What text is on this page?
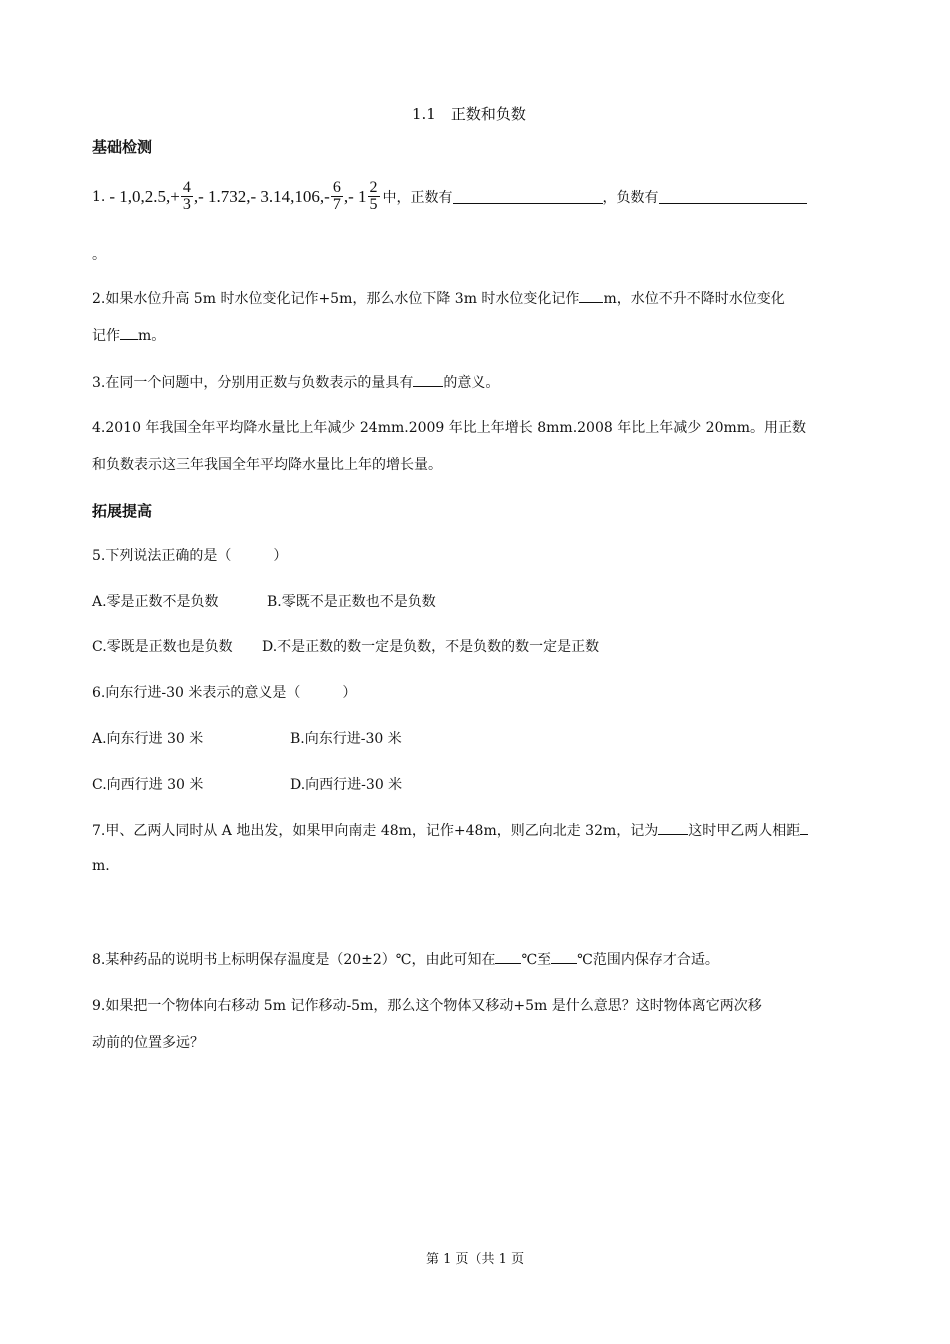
1.1　正数和负数
基础检测
1. - $1,0,2.5,+ \frac{4}{3}$ ,- 1.732,- $3.14,106,- \frac{6}{7}$ ,- $1 \frac{2}{5}$ 中，正数有	，负数有
。
2.如果水位升高 5m 时水位变化记作+5m，那么水位下降 3m 时水位变化记作 m，水位不升不降时水位变化
记作 m。
3.在同一个问题中，分别用正数与负数表示的量具有 的意义。
4.2010 年我国全年平均降水量比上年减少 24mm.2009 年比上年增长 8mm.2008 年比上年减少 20mm。用正数
和负数表示这三年我国全年平均降水量比上年的增长量。
拓展提高
5.下列说法正确的是（　　　）
A.零是正数不是负数	B.零既不是正数也不是负数
C.零既是正数也是负数 D.不是正数的数一定是负数，不是负数的数一定是正数
6.向东行进-30 米表示的意义是（　　　）
A.向东行进 30 米	B.向东行进-30 米
C.向西行进 30 米	D.向西行进-30 米
7.甲、乙两人同时从 A 地出发，如果甲向南走 48m，记作+48m，则乙向北走 32m，记为 这时甲乙两人相距
m.
8.某种药品的说明书上标明保存温度是（20±2）℃，由此可知在 ℃至 ℃范围内保存才合适。
9.如果把一个物体向右移动 5m 记作移动-5m，那么这个物体又移动+5m 是什么意思？这时物体离它两次移
动前的位置多远？
第 1 页（共 1 页
